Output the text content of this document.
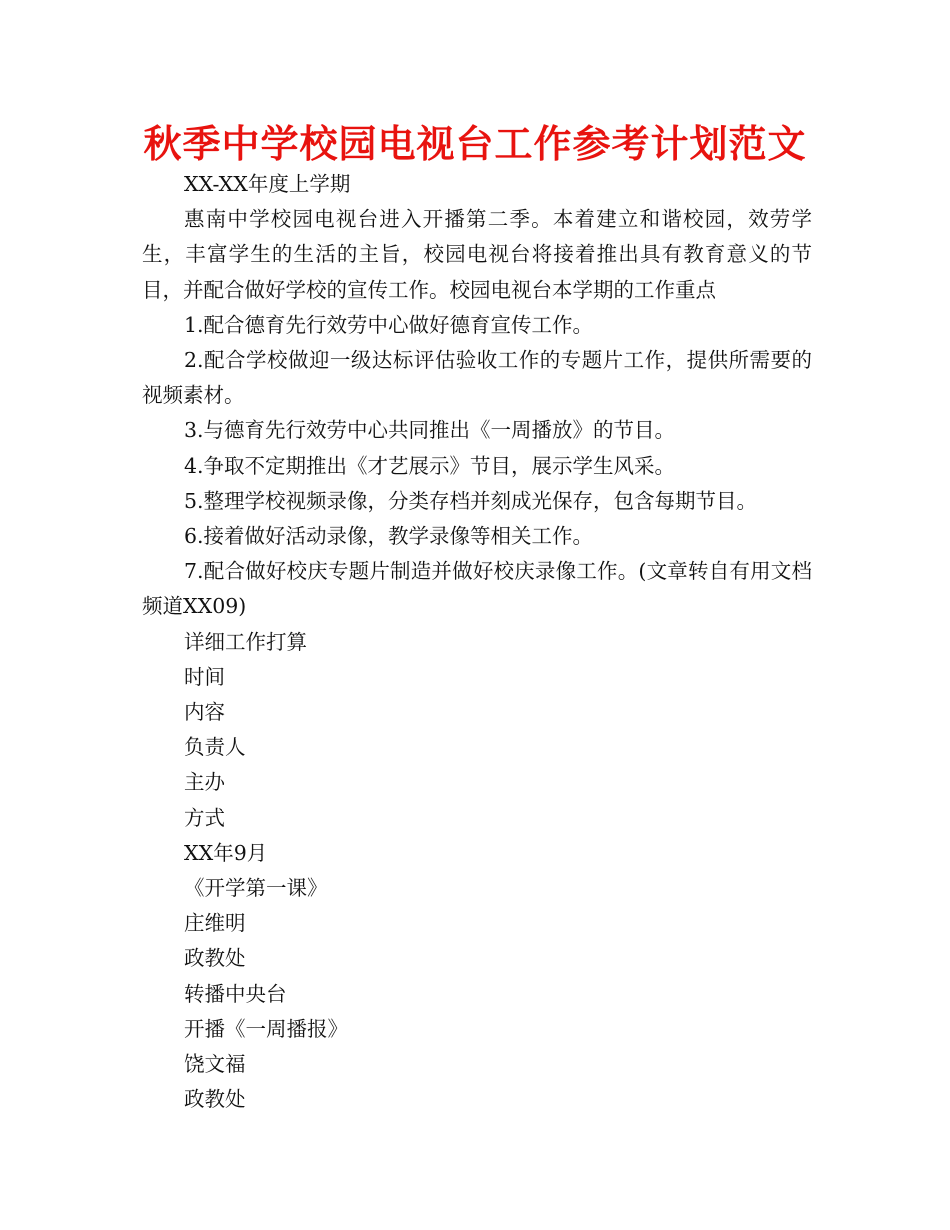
秋季中学校园电视台工作参考计划范文

XX-XX年度上学期

惠南中学校园电视台进入开播第二季。本着建立和谐校园，效劳学生，丰富学生的生活的主旨，校园电视台将接着推出具有教育意义的节目，并配合做好学校的宣传工作。校园电视台本学期的工作重点

1.配合德育先行效劳中心做好德育宣传工作。

2.配合学校做迎一级达标评估验收工作的专题片工作，提供所需要的视频素材。

3.与德育先行效劳中心共同推出《一周播放》的节目。

4.争取不定期推出《才艺展示》节目，展示学生风采。

5.整理学校视频录像，分类存档并刻成光保存，包含每期节目。

6.接着做好活动录像，教学录像等相关工作。

7.配合做好校庆专题片制造并做好校庆录像工作。(文章转自有用文档频道XX09)

详细工作打算

时间

内容

负责人

主办

方式

XX年9月

《开学第一课》

庄维明

政教处

转播中央台

开播《一周播报》

饶文福

政教处
